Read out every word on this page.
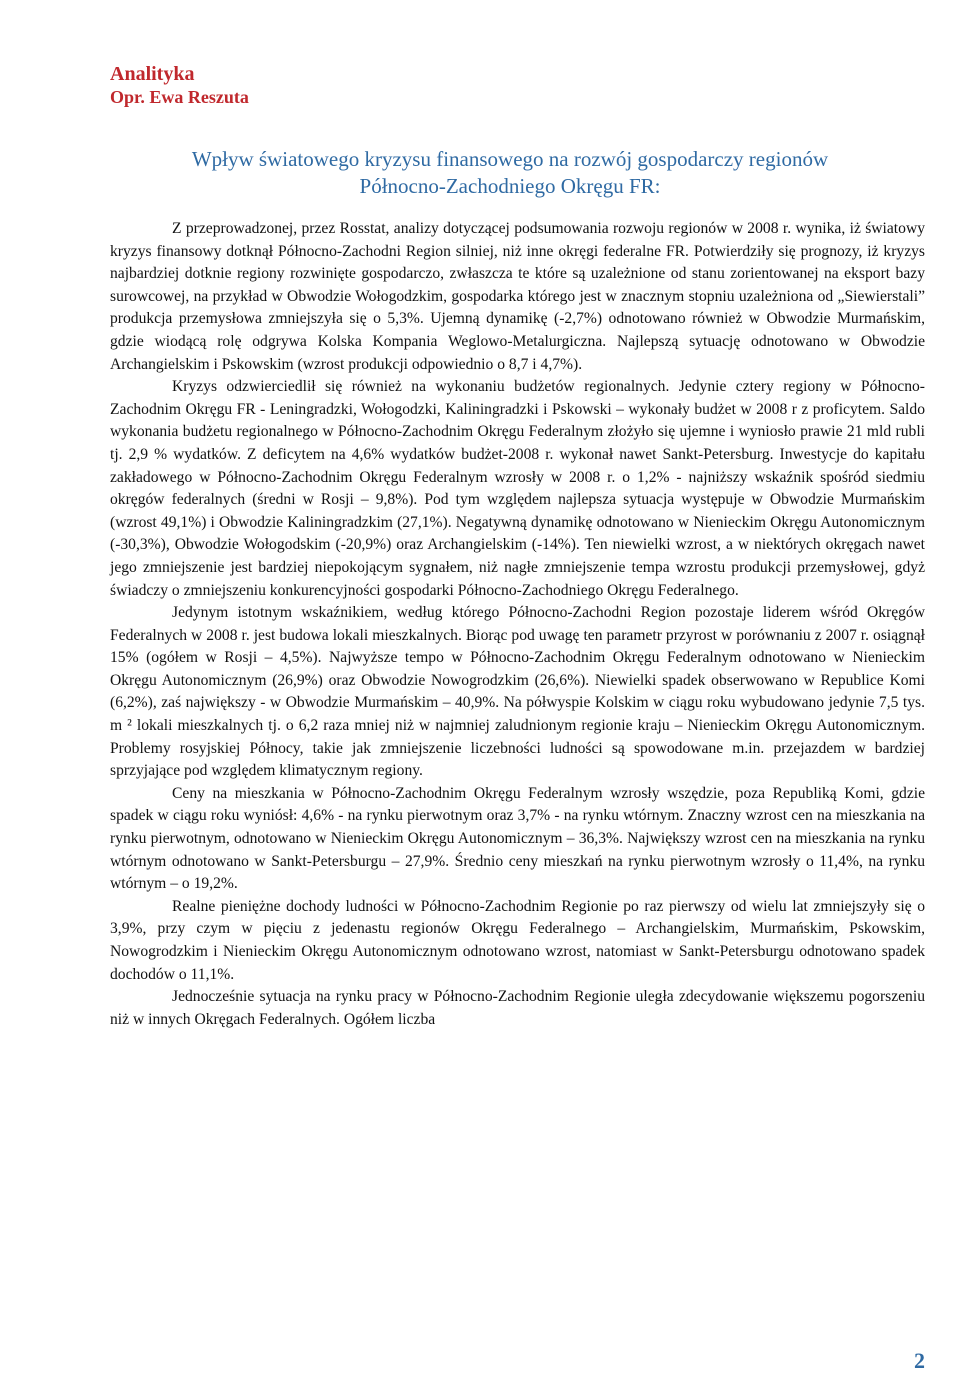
Analityka
Opr. Ewa Reszuta
Wpływ światowego kryzysu finansowego na rozwój gospodarczy regionów
Północno-Zachodniego Okręgu FR:

Z przeprowadzonej, przez Rosstat, analizy dotyczącej podsumowania rozwoju regionów w 2008 r. wynika, iż światowy kryzys finansowy dotknął Północno-Zachodni Region silniej, niż inne okręgi federalne FR. Potwierdziły się prognozy, iż kryzys najbardziej dotknie regiony rozwinięte gospodarczo, zwłaszcza te które są uzależnione od stanu zorientowanej na eksport bazy surowcowej, na przykład w Obwodzie Wołogodzkim, gospodarka którego jest w znacznym stopniu uzależniona od „Siewierstali” produkcja przemysłowa zmniejszyła się o 5,3%. Ujemną dynamikę (-2,7%) odnotowano również w Obwodzie Murmańskim, gdzie wiodącą rolę odgrywa Kolska Kompania Weglowo-Metalurgiczna. Najlepszą sytuację odnotowano w Obwodzie Archangielskim i Pskowskim (wzrost produkcji odpowiednio o 8,7 i 4,7%).

Kryzys odzwierciedlił się również na wykonaniu budżetów regionalnych. Jedynie cztery regiony w Północno-Zachodnim Okręgu FR - Leningradzki, Wołogodzki, Kaliningradzki i Pskowski – wykonały budżet w 2008 r z proficytem. Saldo wykonania budżetu regionalnego w Północno-Zachodnim Okręgu Federalnym złożyło się ujemne i wyniosło prawie 21 mld rubli tj. 2,9 % wydatków. Z deficytem na 4,6% wydatków budżet-2008 r. wykonał nawet Sankt-Petersburg. Inwestycje do kapitału zakładowego w Północno-Zachodnim Okręgu Federalnym wzrosły w 2008 r. o 1,2% - najniższy wskaźnik spośród siedmiu okręgów federalnych (średni w Rosji – 9,8%). Pod tym względem najlepsza sytuacja występuje w Obwodzie Murmańskim (wzrost 49,1%) i Obwodzie Kaliningradzkim (27,1%). Negatywną dynamikę odnotowano w Nienieckim Okręgu Autonomicznym (-30,3%), Obwodzie Wołogodskim (-20,9%) oraz Archangielskim (-14%). Ten niewielki wzrost, a w niektórych okręgach nawet jego zmniejszenie jest bardziej niepokojącym sygnałem, niż nagłe zmniejszenie tempa wzrostu produkcji przemysłowej, gdyż świadczy o zmniejszeniu konkurencyjności gospodarki Północno-Zachodniego Okręgu Federalnego.

Jedynym istotnym wskaźnikiem, według którego Północno-Zachodni Region pozostaje liderem wśród Okręgów Federalnych w 2008 r. jest budowa lokali mieszkalnych. Biorąc pod uwagę ten parametr przyrost w porównaniu z 2007 r. osiągnął 15% (ogółem w Rosji – 4,5%). Najwyższe tempo w Północno-Zachodnim Okręgu Federalnym odnotowano w Nienieckim Okręgu Autonomicznym (26,9%) oraz Obwodzie Nowogrodzkim (26,6%). Niewielki spadek obserwowano w Republice Komi (6,2%), zaś największy - w Obwodzie Murmańskim – 40,9%. Na półwyspie Kolskim w ciągu roku wybudowano jedynie 7,5 tys. m ² lokali mieszkalnych tj. o 6,2 raza mniej niż w najmniej zaludnionym regionie kraju – Nienieckim Okręgu Autonomicznym. Problemy rosyjskiej Północy, takie jak zmniejszenie liczebności ludności są spowodowane m.in. przejazdem w bardziej sprzyjające pod względem klimatycznym regiony.

Ceny na mieszkania w Północno-Zachodnim Okręgu Federalnym wzrosły wszędzie, poza Republiką Komi, gdzie spadek w ciągu roku wyniósł: 4,6% - na rynku pierwotnym oraz 3,7% - na rynku wtórnym. Znaczny wzrost cen na mieszkania na rynku pierwotnym, odnotowano w Nienieckim Okręgu Autonomicznym – 36,3%. Największy wzrost cen na mieszkania na rynku wtórnym odnotowano w Sankt-Petersburgu – 27,9%. Średnio ceny mieszkań na rynku pierwotnym wzrosły o 11,4%, na rynku wtórnym – o 19,2%.

Realne pieniężne dochody ludności w Północno-Zachodnim Regionie po raz pierwszy od wielu lat zmniejszyły się o 3,9%, przy czym w pięciu z jedenastu regionów Okręgu Federalnego – Archangielskim, Murmańskim, Pskowskim, Nowogrodzkim i Nienieckim Okręgu Autonomicznym odnotowano wzrost, natomiast w Sankt-Petersburgu odnotowano spadek dochodów o 11,1%.

Jednocześnie sytuacja na rynku pracy w Północno-Zachodnim Regionie uległa zdecydowanie większemu pogorszeniu niż w innych Okręgach Federalnych. Ogółem liczba

2
